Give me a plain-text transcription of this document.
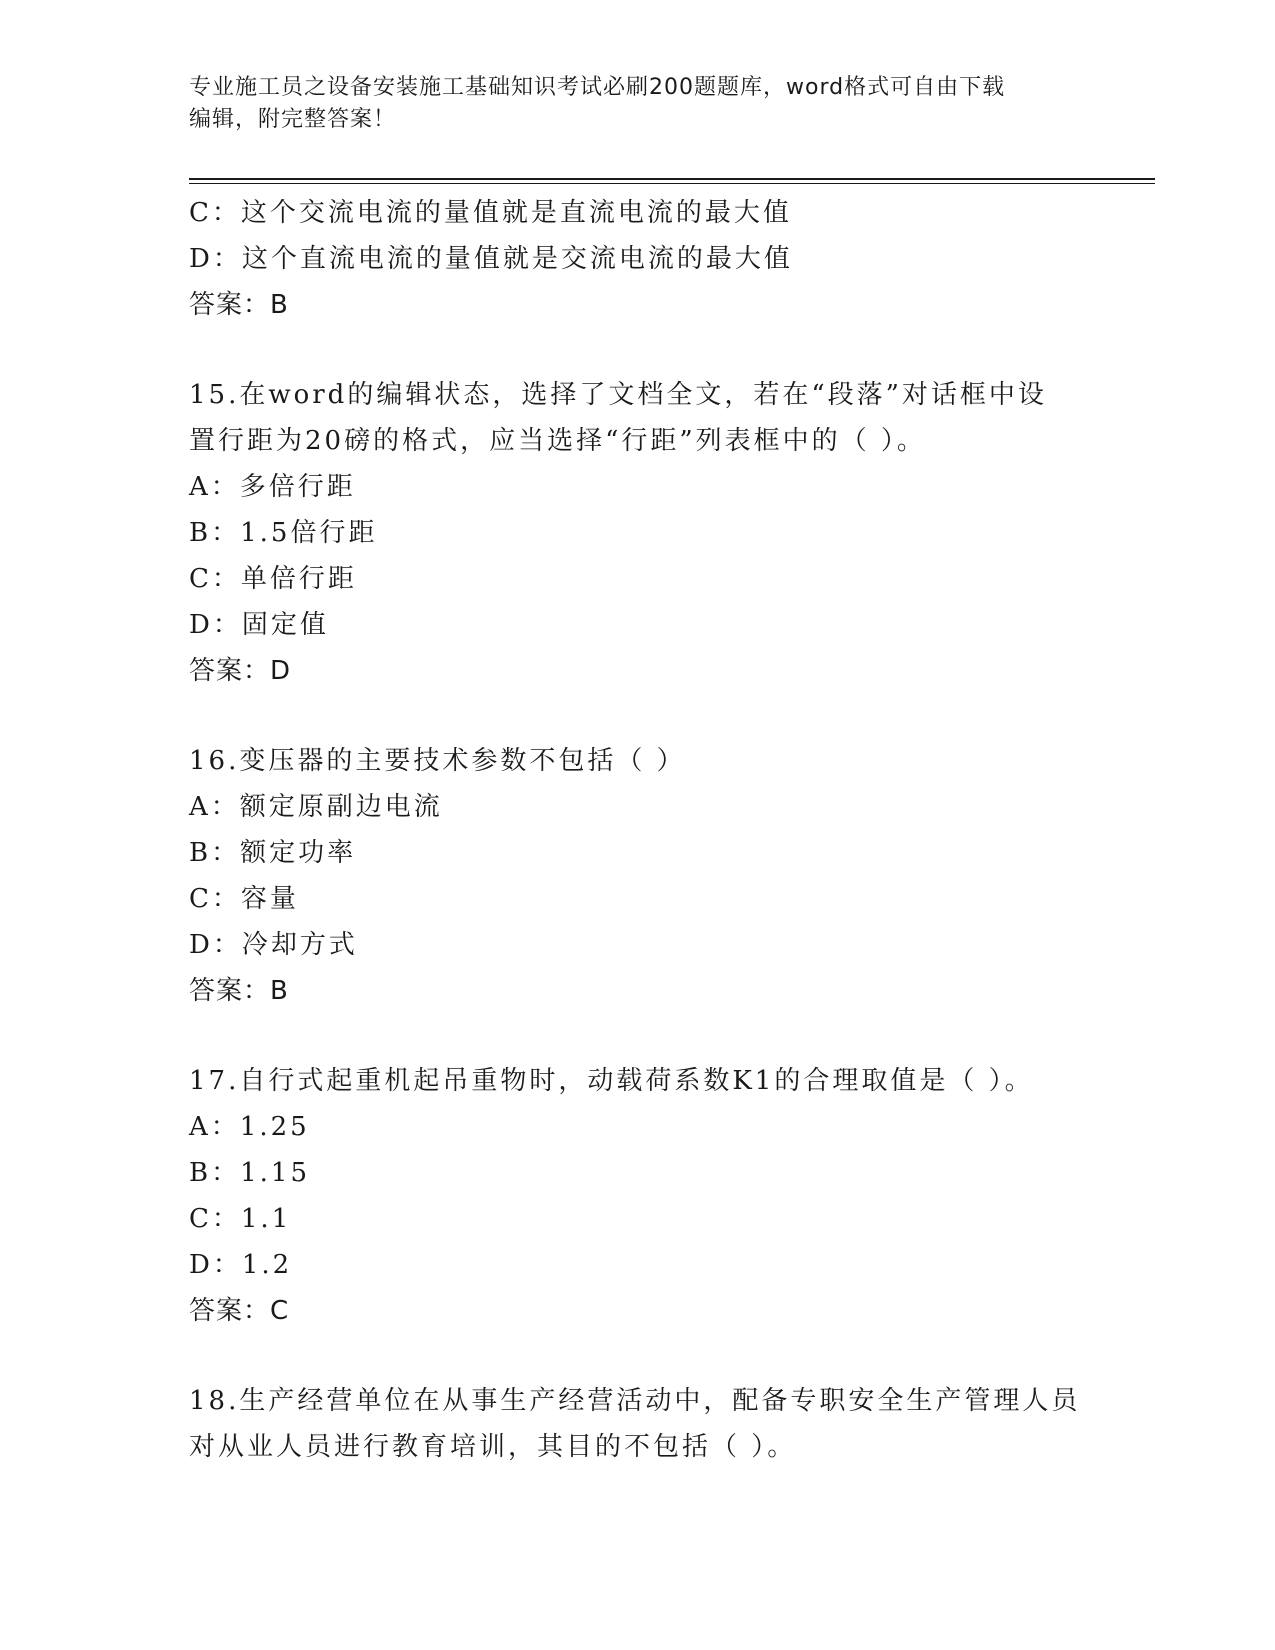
专业施工员之设备安装施工基础知识考试必刷200题题库，word格式可自由下载
编辑，附完整答案！
C：这个交流电流的量值就是直流电流的最大值
D：这个直流电流的量值就是交流电流的最大值
答案：B
15.在word的编辑状态，选择了文档全文，若在“段落”对话框中设
置行距为20磅的格式，应当选择“行距”列表框中的（ ）。
A：多倍行距
B：1.5倍行距
C：单倍行距
D：固定值
答案：D
16.变压器的主要技术参数不包括（ ）
A：额定原副边电流
B：额定功率
C：容量
D：冷却方式
答案：B
17.自行式起重机起吊重物时，动载荷系数K1的合理取值是（ ）。
A：1.25
B：1.15
C：1.1
D：1.2
答案：C
18.生产经营单位在从事生产经营活动中，配备专职安全生产管理人员
对从业人员进行教育培训，其目的不包括（ ）。
